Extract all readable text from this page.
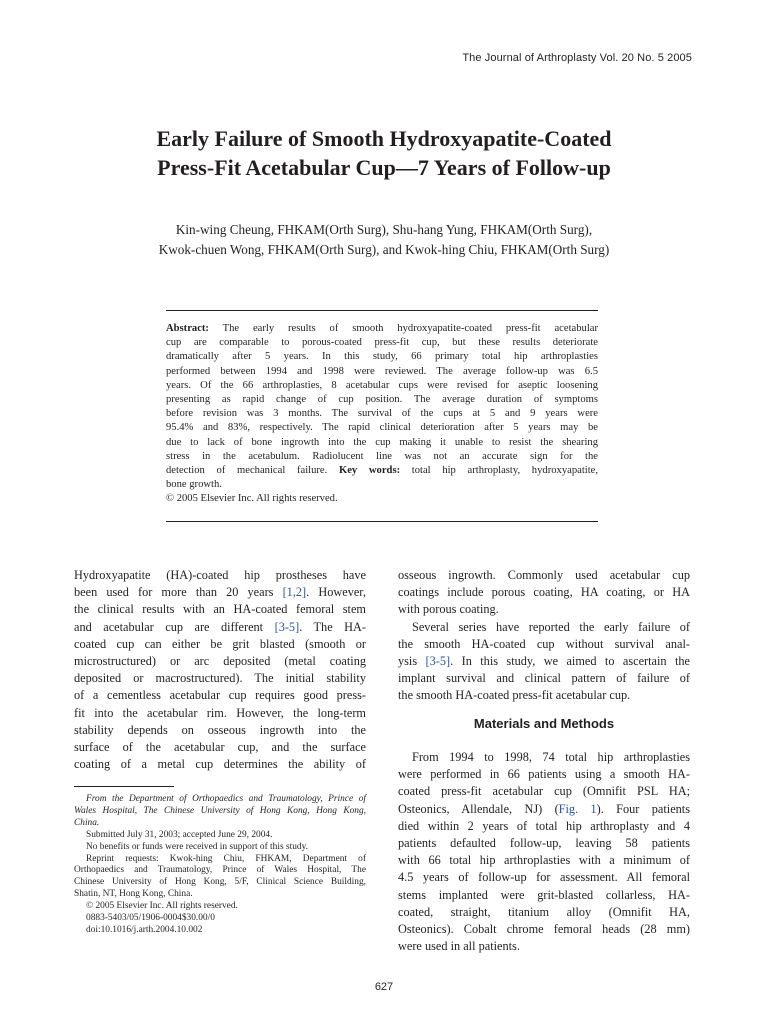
The Journal of Arthroplasty Vol. 20 No. 5 2005
Early Failure of Smooth Hydroxyapatite-Coated
Press-Fit Acetabular Cup—7 Years of Follow-up

Kin-wing Cheung, FHKAM(Orth Surg), Shu-hang Yung, FHKAM(Orth Surg),
Kwok-chuen Wong, FHKAM(Orth Surg), and Kwok-hing Chiu, FHKAM(Orth Surg)

Abstract: The early results of smooth hydroxyapatite-coated press-fit acetabular
cup are comparable to porous-coated press-fit cup, but these results deteriorate
dramatically after 5 years. In this study, 66 primary total hip arthroplasties
performed between 1994 and 1998 were reviewed. The average follow-up was 6.5
years. Of the 66 arthroplasties, 8 acetabular cups were revised for aseptic loosening
presenting as rapid change of cup position. The average duration of symptoms
before revision was 3 months. The survival of the cups at 5 and 9 years were
95.4% and 83%, respectively. The rapid clinical deterioration after 5 years may be
due to lack of bone ingrowth into the cup making it unable to resist the shearing
stress in the acetabulum. Radiolucent line was not an accurate sign for the
detection of mechanical failure. Key words: total hip arthroplasty, hydroxyapatite,
bone growth.
© 2005 Elsevier Inc. All rights reserved.
Hydroxyapatite (HA)-coated hip prostheses have
been used for more than 20 years [1,2]. However,
the clinical results with an HA-coated femoral stem
and acetabular cup are different [3-5]. The HA-
coated cup can either be grit blasted (smooth or
microstructured) or arc deposited (metal coating
deposited or macrostructured). The initial stability
of a cementless acetabular cup requires good press-
fit into the acetabular rim. However, the long-term
stability depends on osseous ingrowth into the
surface of the acetabular cup, and the surface
coating of a metal cup determines the ability of
osseous ingrowth. Commonly used acetabular cup
coatings include porous coating, HA coating, or HA
with porous coating.
Several series have reported the early failure of
the smooth HA-coated cup without survival anal-
ysis [3-5]. In this study, we aimed to ascertain the
implant survival and clinical pattern of failure of
the smooth HA-coated press-fit acetabular cup.
Materials and Methods
From 1994 to 1998, 74 total hip arthroplasties
were performed in 66 patients using a smooth HA-
coated press-fit acetabular cup (Omnifit PSL HA;
Osteonics, Allendale, NJ) (Fig. 1). Four patients
died within 2 years of total hip arthroplasty and 4
patients defaulted follow-up, leaving 58 patients
with 66 total hip arthroplasties with a minimum of
4.5 years of follow-up for assessment. All femoral
stems implanted were grit-blasted collarless, HA-
coated, straight, titanium alloy (Omnifit HA,
Osteonics). Cobalt chrome femoral heads (28 mm)
were used in all patients.
From the Department of Orthopaedics and Traumatology, Prince of
Wales Hospital, The Chinese University of Hong Kong, Hong Kong,
China.
Submitted July 31, 2003; accepted June 29, 2004.
No benefits or funds were received in support of this study.
Reprint requests: Kwok-hing Chiu, FHKAM, Department of
Orthopaedics and Traumatology, Prince of Wales Hospital, The
Chinese University of Hong Kong, 5/F, Clinical Science Building,
Shatin, NT, Hong Kong, China.
© 2005 Elsevier Inc. All rights reserved.
0883-5403/05/1906-0004$30.00/0
doi:10.1016/j.arth.2004.10.002
627
